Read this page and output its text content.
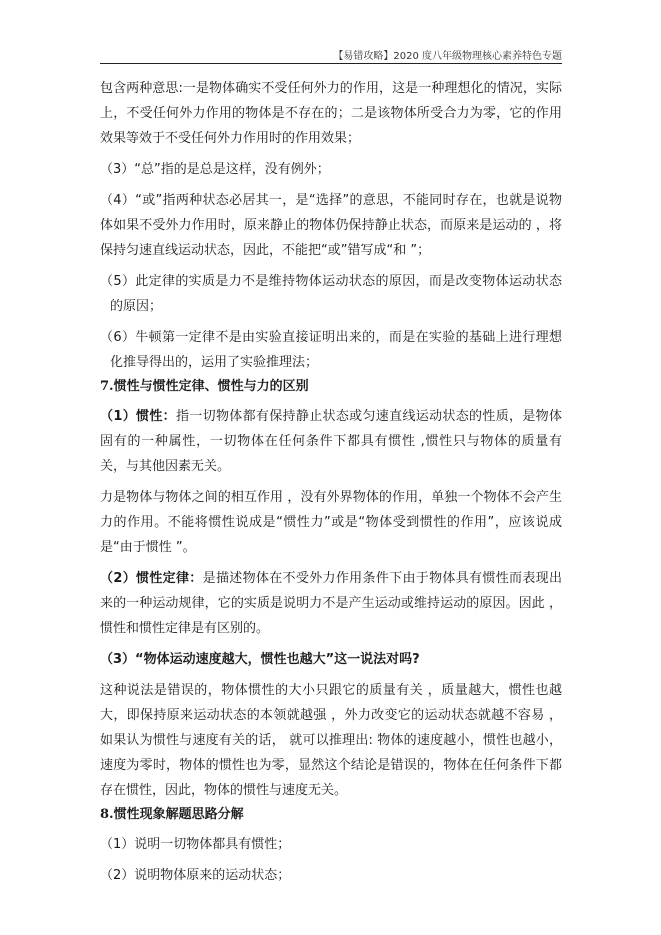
【易错攻略】2020 度八年级物理核心素养特色专题

包含两种意思:一是物体确实不受任何外力的作用，这是一种理想化的情况，实际上，不受任何外力作用的物体是不存在的；二是该物体所受合力为零，它的作用效果等效于不受任何外力作用时的作用效果；

（3）“总”指的是总是这样，没有例外；

（4）“或”指两种状态必居其一，是“选择”的意思，不能同时存在，也就是说物体如果不受外力作用时，原来静止的物体仍保持静止状态，而原来是运动的 ，将保持匀速直线运动状态，因此，不能把“或”错写成“和 ”；

（5）此定律的实质是力不是维持物体运动状态的原因，而是改变物体运动状态的原因；

（6）牛顿第一定律不是由实验直接证明出来的，而是在实验的基础上进行理想化推导得出的，运用了实验推理法；

7.惯性与惯性定律、惯性与力的区别

（1）惯性：指一切物体都有保持静止状态或匀速直线运动状态的性质，是物体固有的一种属性，一切物体在任何条件下都具有惯性 ,惯性只与物体的质量有关，与其他因素无关。

力是物体与物体之间的相互作用 ，没有外界物体的作用，单独一个物体不会产生力的作用。不能将惯性说成是“惯性力”或是“物体受到惯性的作用”，应该说成是“由于惯性 ”。

（2）惯性定律：是描述物体在不受外力作用条件下由于物体具有惯性而表现出来的一种运动规律，它的实质是说明力不是产生运动或维持运动的原因。因此 ，惯性和惯性定律是有区别的。

（3）“物体运动速度越大，惯性也越大”这一说法对吗?

这种说法是错误的，物体惯性的大小只跟它的质量有关 ，质量越大，惯性也越大，即保持原来运动状态的本领就越强 ，外力改变它的运动状态就越不容易 ，如果认为惯性与速度有关的话， 就可以推理出: 物体的速度越小，惯性也越小，速度为零时，物体的惯性也为零，显然这个结论是错误的，物体在任何条件下都存在惯性，因此，物体的惯性与速度无关。

8.惯性现象解题思路分解

（1）说明一切物体都具有惯性；

（2）说明物体原来的运动状态；
